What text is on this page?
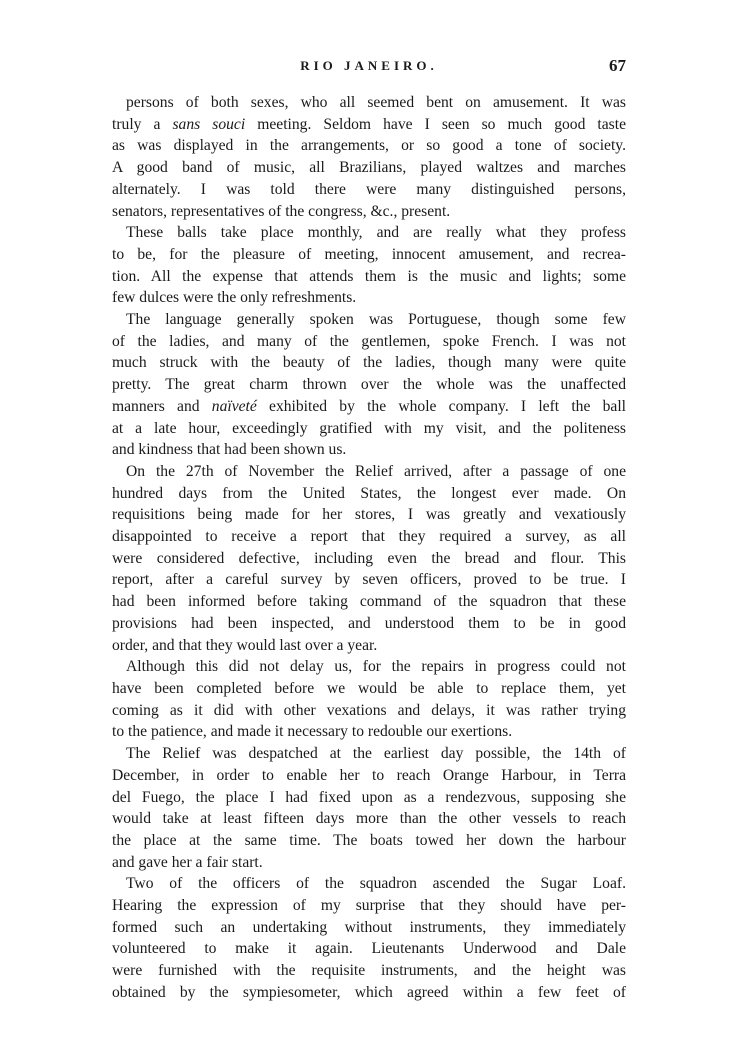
RIO JANEIRO.	67
persons of both sexes, who all seemed bent on amusement. It was
truly a sans souci meeting. Seldom have I seen so much good taste
as was displayed in the arrangements, or so good a tone of society.
A good band of music, all Brazilians, played waltzes and marches
alternately. I was told there were many distinguished persons,
senators, representatives of the congress, &c., present.
These balls take place monthly, and are really what they profess
to be, for the pleasure of meeting, innocent amusement, and recrea-
tion. All the expense that attends them is the music and lights; some
few dulces were the only refreshments.
The language generally spoken was Portuguese, though some few
of the ladies, and many of the gentlemen, spoke French. I was not
much struck with the beauty of the ladies, though many were quite
pretty. The great charm thrown over the whole was the unaffected
manners and naïveté exhibited by the whole company. I left the ball
at a late hour, exceedingly gratified with my visit, and the politeness
and kindness that had been shown us.
On the 27th of November the Relief arrived, after a passage of one
hundred days from the United States, the longest ever made. On
requisitions being made for her stores, I was greatly and vexatiously
disappointed to receive a report that they required a survey, as all
were considered defective, including even the bread and flour. This
report, after a careful survey by seven officers, proved to be true. I
had been informed before taking command of the squadron that these
provisions had been inspected, and understood them to be in good
order, and that they would last over a year.
Although this did not delay us, for the repairs in progress could not
have been completed before we would be able to replace them, yet
coming as it did with other vexations and delays, it was rather trying
to the patience, and made it necessary to redouble our exertions.
The Relief was despatched at the earliest day possible, the 14th of
December, in order to enable her to reach Orange Harbour, in Terra
del Fuego, the place I had fixed upon as a rendezvous, supposing she
would take at least fifteen days more than the other vessels to reach
the place at the same time. The boats towed her down the harbour
and gave her a fair start.
Two of the officers of the squadron ascended the Sugar Loaf.
Hearing the expression of my surprise that they should have per-
formed such an undertaking without instruments, they immediately
volunteered to make it again. Lieutenants Underwood and Dale
were furnished with the requisite instruments, and the height was
obtained by the sympiesometer, which agreed within a few feet of
